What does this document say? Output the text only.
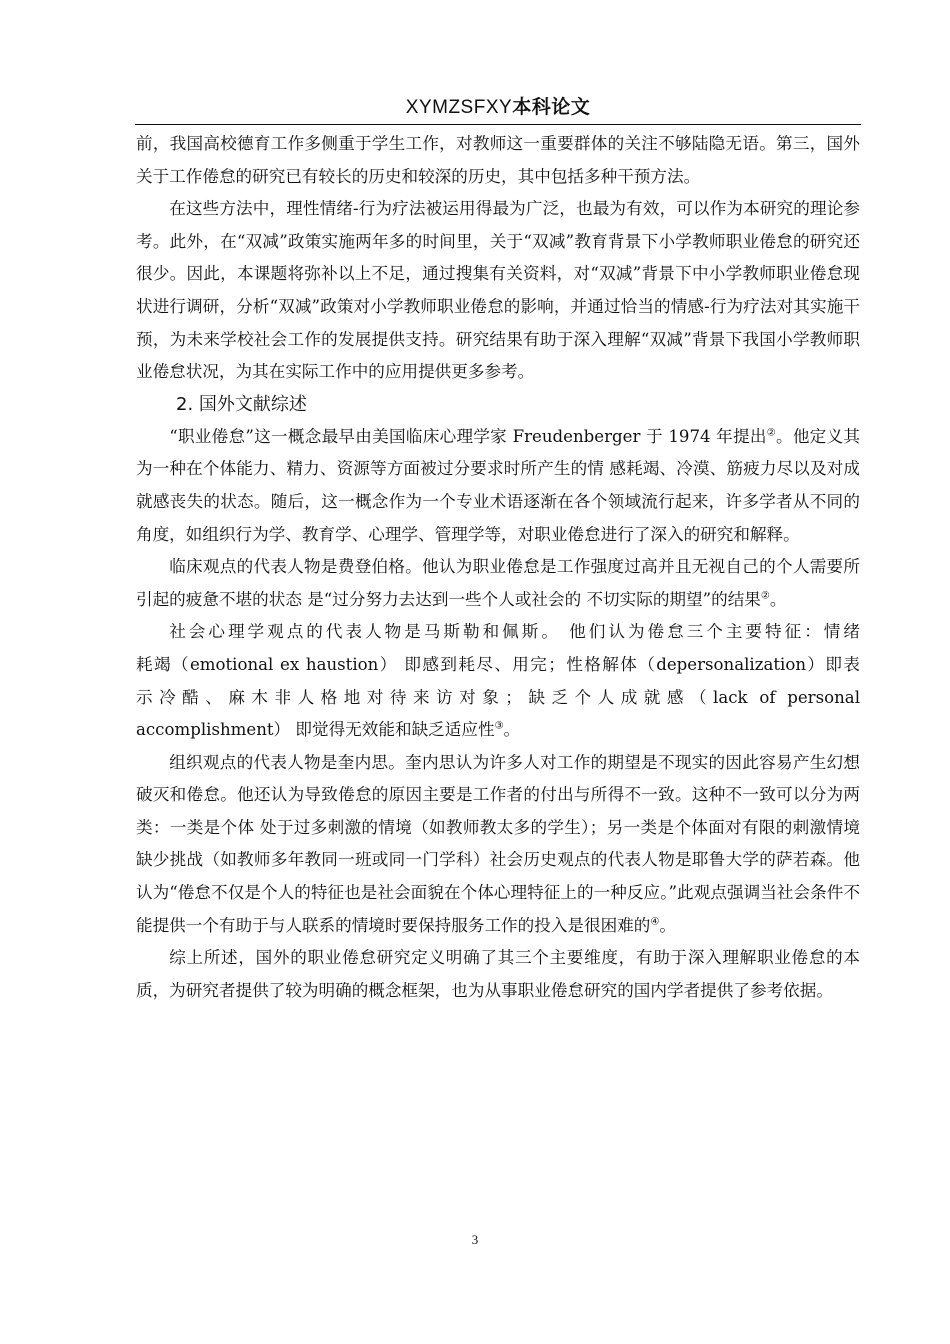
XYMZSFXY本科论文

前，我国高校德育工作多侧重于学生工作，对教师这一重要群体的关注不够陆隐无语。第三，国外关于工作倦怠的研究已有较长的历史和较深的历史，其中包括多种干预方法。

在这些方法中，理性情绪-行为疗法被运用得最为广泛，也最为有效，可以作为本研究的理论参考。此外，在“双减”政策实施两年多的时间里，关于“双减”教育背景下小学教师职业倦怠的研究还很少。因此，本课题将弥补以上不足，通过搜集有关资料，对“双减”背景下中小学教师职业倦怠现状进行调研，分析“双减”政策对小学教师职业倦怠的影响，并通过恰当的情感-行为疗法对其实施干预，为未来学校社会工作的发展提供支持。研究结果有助于深入理解“双减”背景下我国小学教师职业倦怠状况，为其在实际工作中的应用提供更多参考。

2. 国外文献综述

“职业倦怠”这一概念最早由美国临床心理学家 Freudenberger 于 1974 年提出②。他定义其为一种在个体能力、精力、资源等方面被过分要求时所产生的情 感耗竭、冷漠、筋疲力尽以及对成就感丧失的状态。随后，这一概念作为一个专业术语逐渐在各个领域流行起来，许多学者从不同的角度，如组织行为学、教育学、心理学、管理学等，对职业倦怠进行了深入的研究和解释。

临床观点的代表人物是费登伯格。他认为职业倦怠是工作强度过高并且无视自己的个人需要所引起的疲惫不堪的状态 是“过分努力去达到一些个人或社会的 不切实际的期望”的结果②。

社会心理学观点的代表人物是马斯勒和佩斯。 他们认为倦怠三个主要特征：情绪
耗竭（emotional ex haustion） 即感到耗尽、用完；性格解体（depersonalization）即表
示冷酷、麻木非人格地对待来访对象；缺乏个人成就感（lack of personal
accomplishment） 即觉得无效能和缺乏适应性③。

组织观点的代表人物是奎内思。奎内思认为许多人对工作的期望是不现实的因此容易产生幻想破灭和倦怠。他还认为导致倦怠的原因主要是工作者的付出与所得不一致。这种不一致可以分为两类：一类是个体 处于过多刺激的情境（如教师教太多的学生）；另一类是个体面对有限的刺激情境缺少挑战（如教师多年教同一班或同一门学科）社会历史观点的代表人物是耶鲁大学的萨若森。他认为“倦怠不仅是个人的特征也是社会面貌在个体心理特征上的一种反应。”此观点强调当社会条件不能提供一个有助于与人联系的情境时要保持服务工作的投入是很困难的④。

综上所述，国外的职业倦怠研究定义明确了其三个主要维度，有助于深入理解职业倦怠的本质，为研究者提供了较为明确的概念框架，也为从事职业倦怠研究的国内学者提供了参考依据。

3
